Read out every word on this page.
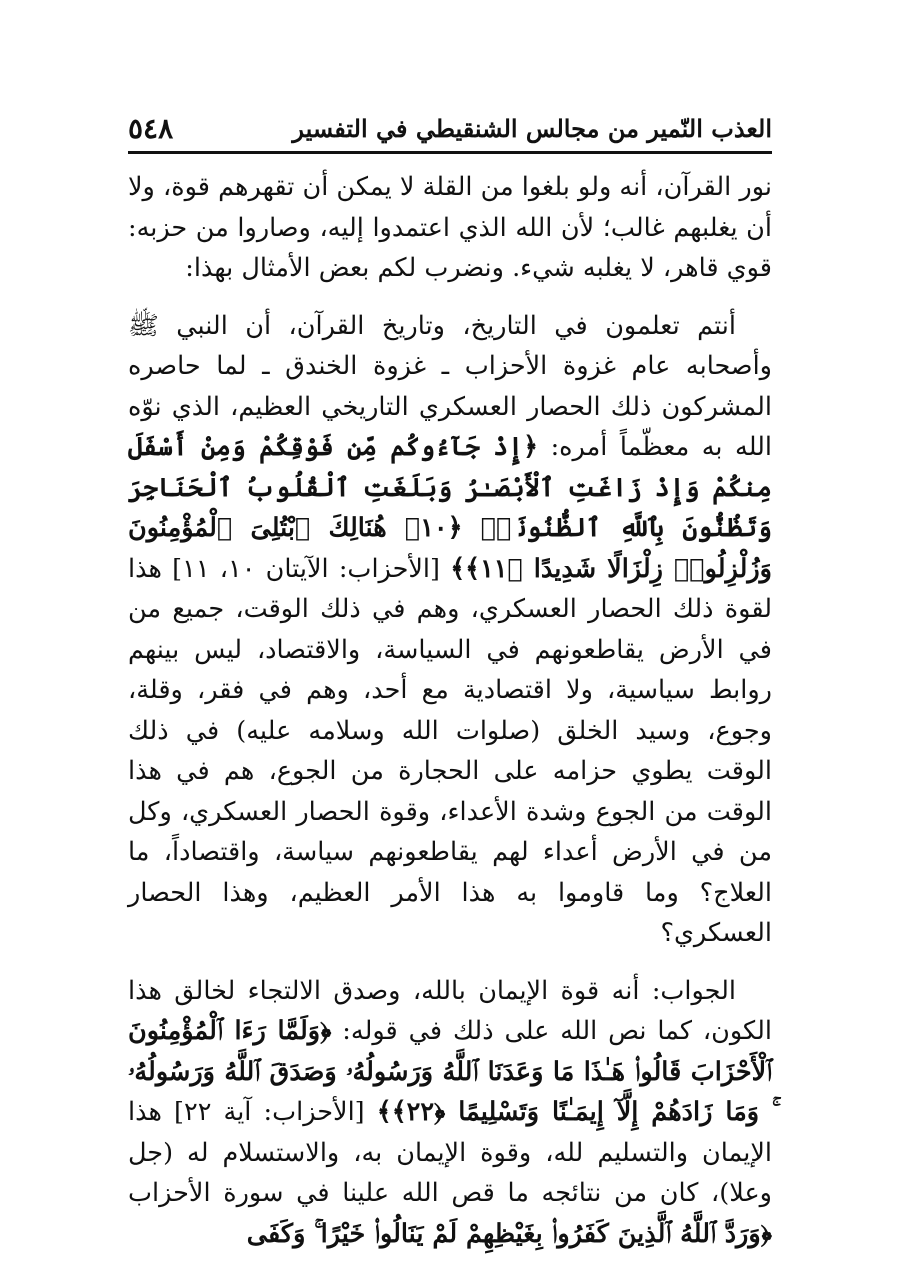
العذب النّمير من مجالس الشنقيطي في التفسير
٥٤٨

نور القرآن، أنه ولو بلغوا من القلة لا يمكن أن تقهرهم قوة، ولا أن يغلبهم غالب؛ لأن الله الذي اعتمدوا إليه، وصاروا من حزبه: قوي قاهر، لا يغلبه شيء. ونضرب لكم بعض الأمثال بهذا:

أنتم تعلمون في التاريخ، وتاريخ القرآن، أن النبي ﷺ وأصحابه عام غزوة الأحزاب ـ غزوة الخندق ـ لما حاصره المشركون ذلك الحصار العسكري التاريخي العظيم، الذي نوّه الله به معظّماً أمره: ﴿إِذْ جَآءُوكُم مِّن فَوْقِكُمْ وَمِنْ أَسْفَلَ مِنكُمْ وَإِذْ زَاغَتِ ٱلْأَبْصَـٰرُ وَبَلَغَتِ ٱلْقُلُوبُ ٱلْحَنَاجِرَ وَتَظُنُّونَ بِٱللَّهِ ٱلظُّنُونَا۠ ﴿١٠﴾ هُنَالِكَ ٱبْتُلِىَ ٱلْمُؤْمِنُونَ وَزُلْزِلُوا۟ زِلْزَالًا شَدِيدًا ﴿١١﴾﴾ [الأحزاب: الآيتان ١٠، ١١] هذا لقوة ذلك الحصار العسكري، وهم في ذلك الوقت، جميع من في الأرض يقاطعونهم في السياسة، والاقتصاد، ليس بينهم روابط سياسية، ولا اقتصادية مع أحد، وهم في فقر، وقلة، وجوع، وسيد الخلق (صلوات الله وسلامه عليه) في ذلك الوقت يطوي حزامه على الحجارة من الجوع، هم في هذا الوقت من الجوع وشدة الأعداء، وقوة الحصار العسكري، وكل من في الأرض أعداء لهم يقاطعونهم سياسة، واقتصاداً، ما العلاج؟ وما قاوموا به هذا الأمر العظيم، وهذا الحصار العسكري؟

الجواب: أنه قوة الإيمان بالله، وصدق الالتجاء لخالق هذا الكون، كما نص الله على ذلك في قوله: ﴿وَلَمَّا رَءَا ٱلْمُؤْمِنُونَ ٱلْأَحْزَابَ قَالُوا۟ هَـٰذَا مَا وَعَدَنَا ٱللَّهُ وَرَسُولُهُۥ وَصَدَقَ ٱللَّهُ وَرَسُولُهُۥ ۚ وَمَا زَادَهُمْ إِلَّآ إِيمَـٰنًا وَتَسْلِيمًا ﴿٢٢﴾﴾ [الأحزاب: آية ٢٢] هذا الإيمان والتسليم لله، وقوة الإيمان به، والاستسلام له (جل وعلا)، كان من نتائجه ما قص الله علينا في سورة الأحزاب ﴿وَرَدَّ ٱللَّهُ ٱلَّذِينَ كَفَرُوا۟ بِغَيْظِهِمْ لَمْ يَنَالُوا۟ خَيْرًا ۚ وَكَفَى
